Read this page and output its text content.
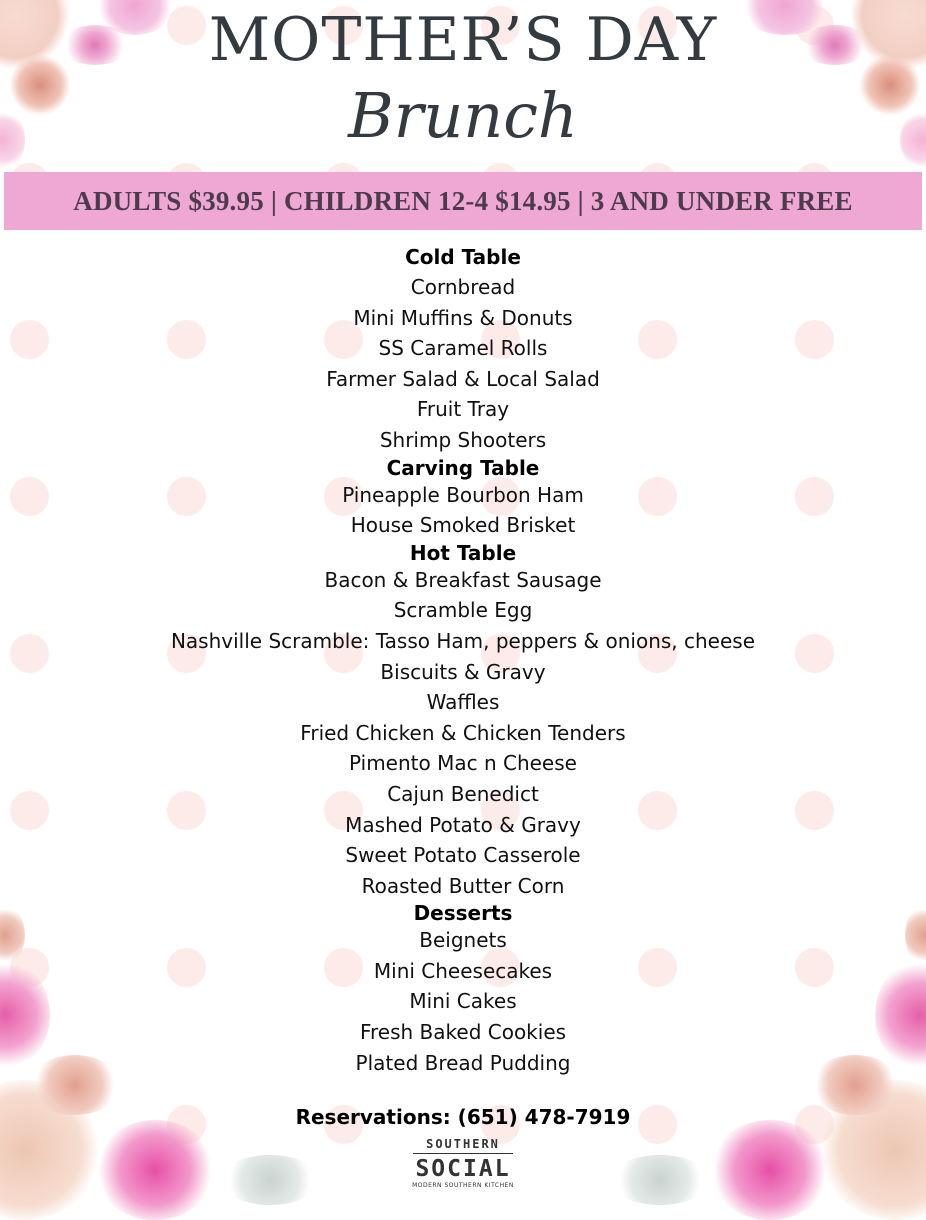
MOTHER’S DAY
Brunch
ADULTS $39.95 | CHILDREN 12-4 $14.95 | 3 AND UNDER FREE
Cold Table
Cornbread
Mini Muffins & Donuts
SS Caramel Rolls
Farmer Salad & Local Salad
Fruit Tray
Shrimp Shooters
Carving Table
Pineapple Bourbon Ham
House Smoked Brisket
Hot Table
Bacon & Breakfast Sausage
Scramble Egg
Nashville Scramble: Tasso Ham, peppers & onions, cheese
Biscuits & Gravy
Waffles
Fried Chicken & Chicken Tenders
Pimento Mac n Cheese
Cajun Benedict
Mashed Potato & Gravy
Sweet Potato Casserole
Roasted Butter Corn
Desserts
Beignets
Mini Cheesecakes
Mini Cakes
Fresh Baked Cookies
Plated Bread Pudding
Reservations: (651) 478-7919
SOUTHERN
SOCIAL
MODERN SOUTHERN KITCHEN
